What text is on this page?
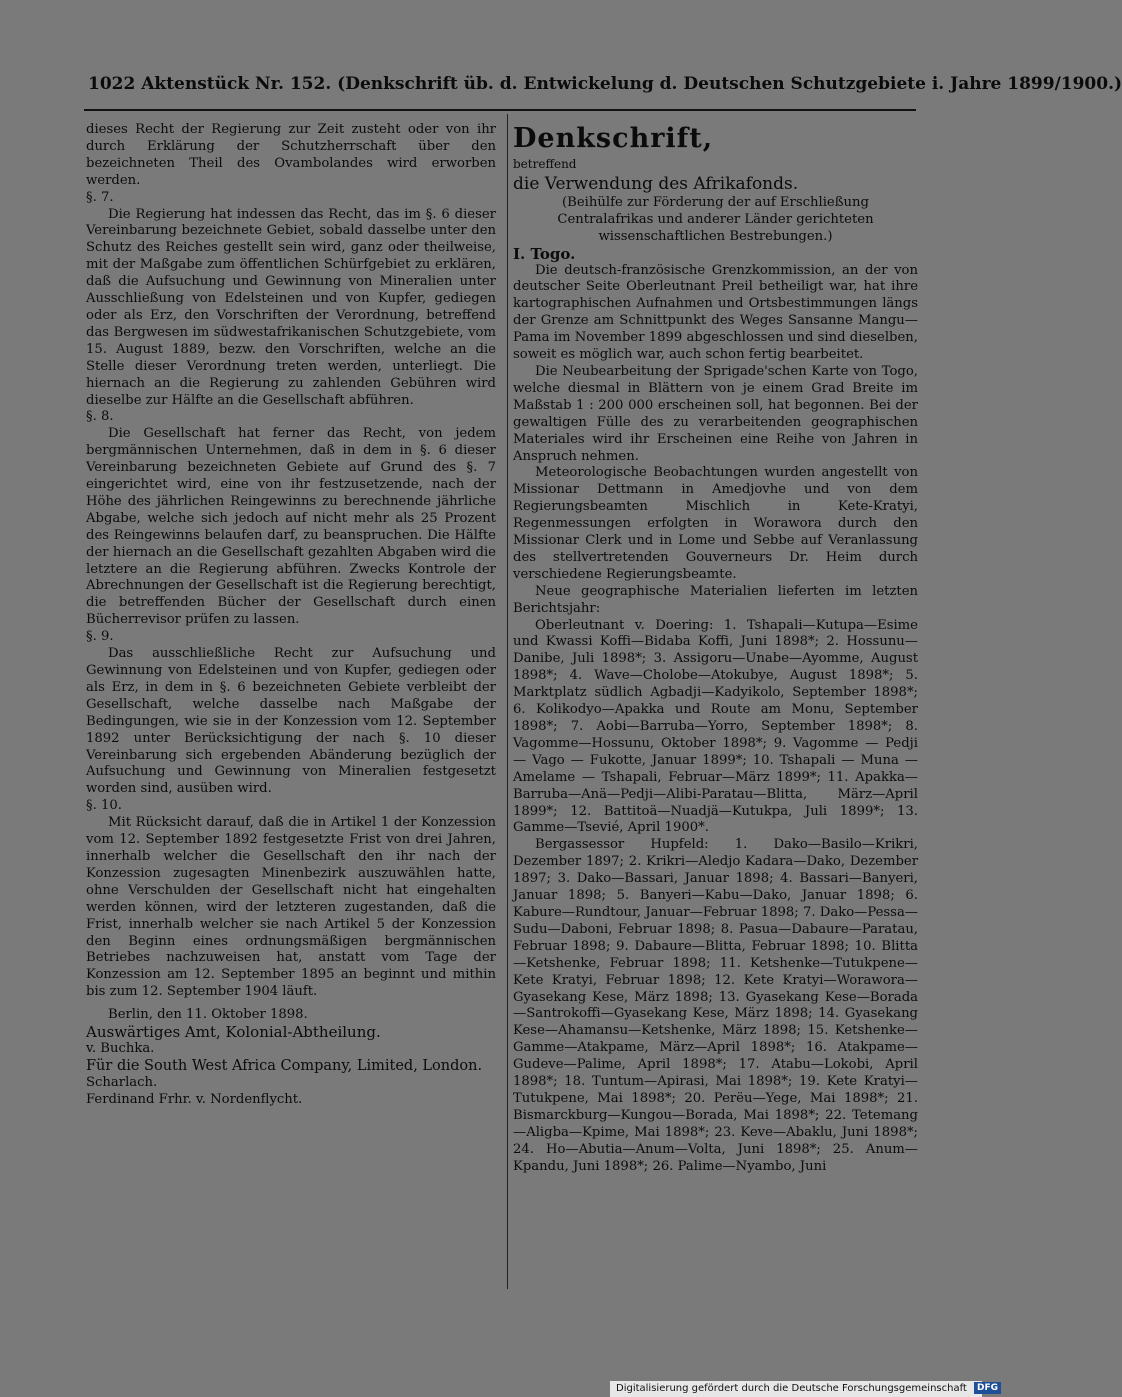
1022 Aktenstück Nr. 152. (Denkschrift üb. d. Entwickelung d. Deutschen Schutzgebiete i. Jahre 1899/1900.)

dieses Recht der Regierung zur Zeit zusteht oder von ihr durch Erklärung der Schutzherrschaft über den bezeichneten Theil des Ovambolandes wird erworben werden.

§. 7.

Die Regierung hat indessen das Recht, das im §. 6 dieser Vereinbarung bezeichnete Gebiet, sobald dasselbe unter den Schutz des Reiches gestellt sein wird, ganz oder theilweise, mit der Maßgabe zum öffentlichen Schürfgebiet zu erklären, daß die Aufsuchung und Gewinnung von Mineralien unter Ausschließung von Edelsteinen und von Kupfer, gediegen oder als Erz, den Vorschriften der Verordnung, betreffend das Bergwesen im südwestafrikanischen Schutzgebiete, vom 15. August 1889, bezw. den Vorschriften, welche an die Stelle dieser Verordnung treten werden, unterliegt. Die hiernach an die Regierung zu zahlenden Gebühren wird dieselbe zur Hälfte an die Gesellschaft abführen.

§. 8.

Die Gesellschaft hat ferner das Recht, von jedem bergmännischen Unternehmen, daß in dem in §. 6 dieser Vereinbarung bezeichneten Gebiete auf Grund des §. 7 eingerichtet wird, eine von ihr festzusetzende, nach der Höhe des jährlichen Reingewinns zu berechnende jährliche Abgabe, welche sich jedoch auf nicht mehr als 25 Prozent des Reingewinns belaufen darf, zu beanspruchen. Die Hälfte der hiernach an die Gesellschaft gezahlten Abgaben wird die letztere an die Regierung abführen. Zwecks Kontrole der Abrechnungen der Gesellschaft ist die Regierung berechtigt, die betreffenden Bücher der Gesellschaft durch einen Bücherrevisor prüfen zu lassen.

§. 9.

Das ausschließliche Recht zur Aufsuchung und Gewinnung von Edelsteinen und von Kupfer, gediegen oder als Erz, in dem in §. 6 bezeichneten Gebiete verbleibt der Gesellschaft, welche dasselbe nach Maßgabe der Bedingungen, wie sie in der Konzession vom 12. September 1892 unter Berücksichtigung der nach §. 10 dieser Vereinbarung sich ergebenden Abänderung bezüglich der Aufsuchung und Gewinnung von Mineralien festgesetzt worden sind, ausüben wird.

§. 10.

Mit Rücksicht darauf, daß die in Artikel 1 der Konzession vom 12. September 1892 festgesetzte Frist von drei Jahren, innerhalb welcher die Gesellschaft den ihr nach der Konzession zugesagten Minenbezirk auszuwählen hatte, ohne Verschulden der Gesellschaft nicht hat eingehalten werden können, wird der letzteren zugestanden, daß die Frist, innerhalb welcher sie nach Artikel 5 der Konzession den Beginn eines ordnungsmäßigen bergmännischen Betriebes nachzuweisen hat, anstatt vom Tage der Konzession am 12. September 1895 an beginnt und mithin bis zum 12. September 1904 läuft.

Berlin, den 11. Oktober 1898.

Auswärtiges Amt, Kolonial-Abtheilung.

v. Buchka.

Für die South West Africa Company, Limited, London.

Scharlach.

Ferdinand Frhr. v. Nordenflycht.

Denkschrift,

betreffend

die Verwendung des Afrikafonds.

(Beihülfe zur Förderung der auf Erschließung Centralafrikas und anderer Länder gerichteten wissenschaftlichen Bestrebungen.)

I. Togo.

Die deutsch-französische Grenzkommission, an der von deutscher Seite Oberleutnant Preil betheiligt war, hat ihre kartographischen Aufnahmen und Ortsbestimmungen längs der Grenze am Schnittpunkt des Weges Sansanne Mangu—Pama im November 1899 abgeschlossen und sind dieselben, soweit es möglich war, auch schon fertig bearbeitet.

Die Neubearbeitung der Sprigade'schen Karte von Togo, welche diesmal in Blättern von je einem Grad Breite im Maßstab 1 : 200 000 erscheinen soll, hat begonnen. Bei der gewaltigen Fülle des zu verarbeitenden geographischen Materiales wird ihr Erscheinen eine Reihe von Jahren in Anspruch nehmen.

Meteorologische Beobachtungen wurden angestellt von Missionar Dettmann in Amedjovhe und von dem Regierungsbeamten Mischlich in Kete-Kratyi, Regenmessungen erfolgten in Worawora durch den Missionar Clerk und in Lome und Sebbe auf Veranlassung des stellvertretenden Gouverneurs Dr. Heim durch verschiedene Regierungsbeamte.

Neue geographische Materialien lieferten im letzten Berichtsjahr:

Oberleutnant v. Doering: 1. Tshapali—Kutupa—Esime und Kwassi Koffi—Bidaba Koffi, Juni 1898*; 2. Hossunu—Danibe, Juli 1898*; 3. Assigoru—Unabe—Ayomme, August 1898*; 4. Wave—Cholobe—Atokubye, August 1898*; 5. Marktplatz südlich Agbadji—Kadyikolo, September 1898*; 6. Kolikodyo—Apakka und Route am Monu, September 1898*; 7. Aobi—Barruba—Yorro, September 1898*; 8. Vagomme—Hossunu, Oktober 1898*; 9. Vagomme — Pedji — Vago — Fukotte, Januar 1899*; 10. Tshapali — Muna — Amelame — Tshapali, Februar—März 1899*; 11. Apakka—Barruba—Anä—Pedji—Alibi-Paratau—Blitta, März—April 1899*; 12. Battitoä—Nuadjä—Kutukpa, Juli 1899*; 13. Gamme—Tsevié, April 1900*.

Bergassessor Hupfeld: 1. Dako—Basilo—Krikri, Dezember 1897; 2. Krikri—Aledjo Kadara—Dako, Dezember 1897; 3. Dako—Bassari, Januar 1898; 4. Bassari—Banyeri, Januar 1898; 5. Banyeri—Kabu—Dako, Januar 1898; 6. Kabure—Rundtour, Januar—Februar 1898; 7. Dako—Pessa—Sudu—Daboni, Februar 1898; 8. Pasua—Dabaure—Paratau, Februar 1898; 9. Dabaure—Blitta, Februar 1898; 10. Blitta—Ketshenke, Februar 1898; 11. Ketshenke—Tutukpene—Kete Kratyi, Februar 1898; 12. Kete Kratyi—Worawora—Gyasekang Kese, März 1898; 13. Gyasekang Kese—Borada—Santrokoffi—Gyasekang Kese, März 1898; 14. Gyasekang Kese—Ahamansu—Ketshenke, März 1898; 15. Ketshenke—Gamme—Atakpame, März—April 1898*; 16. Atakpame—Gudeve—Palime, April 1898*; 17. Atabu—Lokobi, April 1898*; 18. Tuntum—Apirasi, Mai 1898*; 19. Kete Kratyi—Tutukpene, Mai 1898*; 20. Perëu—Yege, Mai 1898*; 21. Bismarckburg—Kungou—Borada, Mai 1898*; 22. Tetemang—Aligba—Kpime, Mai 1898*; 23. Keve—Abaklu, Juni 1898*; 24. Ho—Abutia—Anum—Volta, Juni 1898*; 25. Anum—Kpandu, Juni 1898*; 26. Palime—Nyambo, Juni

Digitalisierung gefördert durch die Deutsche Forschungsgemeinschaft DFG
